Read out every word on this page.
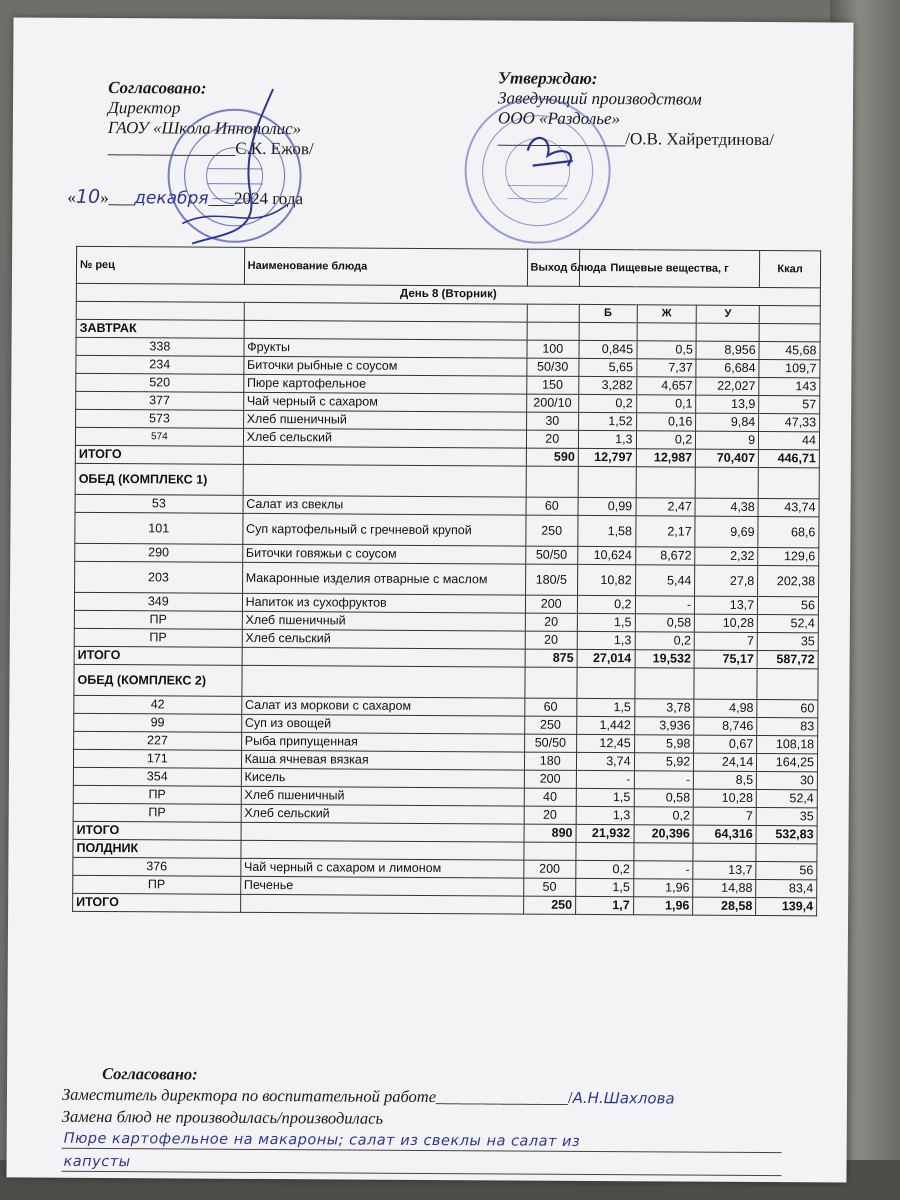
Согласовано:
Директор
ГАОУ «Школа Иннополис»
_______________С.К. Ежов/
«10»___декабря___2024 года
Утверждаю:
Заведующий производством
ООО «Раздолье»
_______________/О.В. Хайретдинова/
№ рец	Наименование блюда	Выход блюда	Пищевые вещества, г			Ккал
День 8 (Вторник)						
			Б	Ж	У	
ЗАВТРАК						
338	Фрукты	100	0,845	0,5	8,956	45,68
234	Биточки рыбные с соусом	50/30	5,65	7,37	6,684	109,7
520	Пюре картофельное	150	3,282	4,657	22,027	143
377	Чай черный с сахаром	200/10	0,2	0,1	13,9	57
573	Хлеб пшеничный	30	1,52	0,16	9,84	47,33
574	Хлеб сельский	20	1,3	0,2	9	44
ИТОГО		590	12,797	12,987	70,407	446,71
ОБЕД (КОМПЛЕКС 1)						
53	Салат из свеклы	60	0,99	2,47	4,38	43,74
101	Суп картофельный с гречневой крупой	250	1,58	2,17	9,69	68,6
290	Биточки говяжьи с соусом	50/50	10,624	8,672	2,32	129,6
203	Макаронные изделия отварные с маслом	180/5	10,82	5,44	27,8	202,38
349	Напиток из сухофруктов	200	0,2	-	13,7	56
ПР	Хлеб пшеничный	20	1,5	0,58	10,28	52,4
ПР	Хлеб сельский	20	1,3	0,2	7	35
ИТОГО		875	27,014	19,532	75,17	587,72
ОБЕД (КОМПЛЕКС 2)						
42	Салат из моркови с сахаром	60	1,5	3,78	4,98	60
99	Суп из овощей	250	1,442	3,936	8,746	83
227	Рыба припущенная	50/50	12,45	5,98	0,67	108,18
171	Каша ячневая вязкая	180	3,74	5,92	24,14	164,25
354	Кисель	200	-	-	8,5	30
ПР	Хлеб пшеничный	40	1,5	0,58	10,28	52,4
ПР	Хлеб сельский	20	1,3	0,2	7	35
ИТОГО		890	21,932	20,396	64,316	532,83
ПОЛДНИК						
376	Чай черный с сахаром и лимоном	200	0,2	-	13,7	56
ПР	Печенье	50	1,5	1,96	14,88	83,4
ИТОГО		250	1,7	1,96	28,58	139,4
Согласовано:
Заместитель директора по воспитательной работе________________/А.Н.Шахлова
Замена блюд не производилась/производилась
Пюре картофельное на макароны; салат из свеклы на салат из
капусты
